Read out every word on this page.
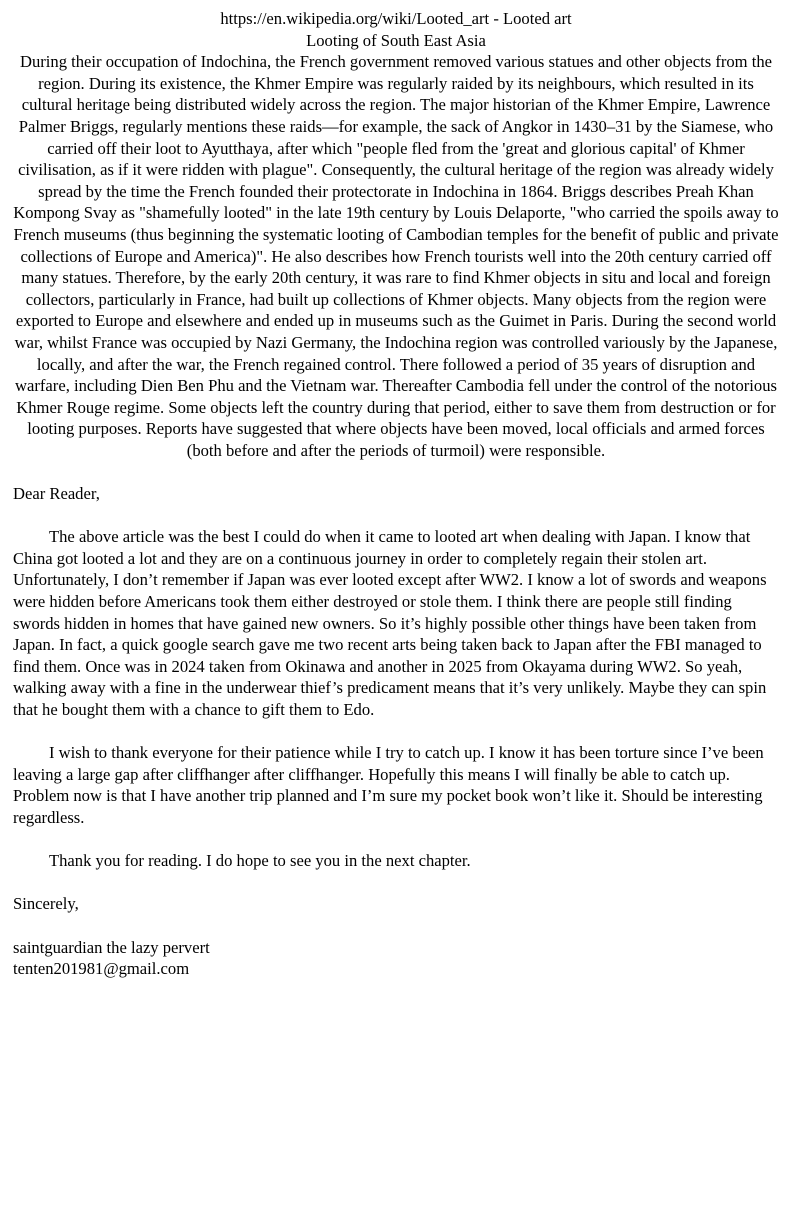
https://en.wikipedia.org/wiki/Looted_art - Looted art
Looting of South East Asia

During their occupation of Indochina, the French government removed various statues and other objects from the region. During its existence, the Khmer Empire was regularly raided by its neighbours, which resulted in its cultural heritage being distributed widely across the region. The major historian of the Khmer Empire, Lawrence Palmer Briggs, regularly mentions these raids—for example, the sack of Angkor in 1430–31 by the Siamese, who carried off their loot to Ayutthaya, after which "people fled from the 'great and glorious capital' of Khmer civilisation, as if it were ridden with plague". Consequently, the cultural heritage of the region was already widely spread by the time the French founded their protectorate in Indochina in 1864. Briggs describes Preah Khan Kompong Svay as "shamefully looted" in the late 19th century by Louis Delaporte, "who carried the spoils away to French museums (thus beginning the systematic looting of Cambodian temples for the benefit of public and private collections of Europe and America)". He also describes how French tourists well into the 20th century carried off many statues. Therefore, by the early 20th century, it was rare to find Khmer objects in situ and local and foreign collectors, particularly in France, had built up collections of Khmer objects. Many objects from the region were exported to Europe and elsewhere and ended up in museums such as the Guimet in Paris. During the second world war, whilst France was occupied by Nazi Germany, the Indochina region was controlled variously by the Japanese, locally, and after the war, the French regained control. There followed a period of 35 years of disruption and warfare, including Dien Ben Phu and the Vietnam war. Thereafter Cambodia fell under the control of the notorious Khmer Rouge regime. Some objects left the country during that period, either to save them from destruction or for looting purposes. Reports have suggested that where objects have been moved, local officials and armed forces (both before and after the periods of turmoil) were responsible.

Dear Reader,

The above article was the best I could do when it came to looted art when dealing with Japan. I know that China got looted a lot and they are on a continuous journey in order to completely regain their stolen art. Unfortunately, I don’t remember if Japan was ever looted except after WW2. I know a lot of swords and weapons were hidden before Americans took them either destroyed or stole them. I think there are people still finding swords hidden in homes that have gained new owners. So it’s highly possible other things have been taken from Japan. In fact, a quick google search gave me two recent arts being taken back to Japan after the FBI managed to find them. Once was in 2024 taken from Okinawa and another in 2025 from Okayama during WW2. So yeah, walking away with a fine in the underwear thief’s predicament means that it’s very unlikely. Maybe they can spin that he bought them with a chance to gift them to Edo.

I wish to thank everyone for their patience while I try to catch up. I know it has been torture since I’ve been leaving a large gap after cliffhanger after cliffhanger. Hopefully this means I will finally be able to catch up. Problem now is that I have another trip planned and I’m sure my pocket book won’t like it. Should be interesting regardless.

Thank you for reading. I do hope to see you in the next chapter.

Sincerely,

saintguardian the lazy pervert

tenten201981@gmail.com
